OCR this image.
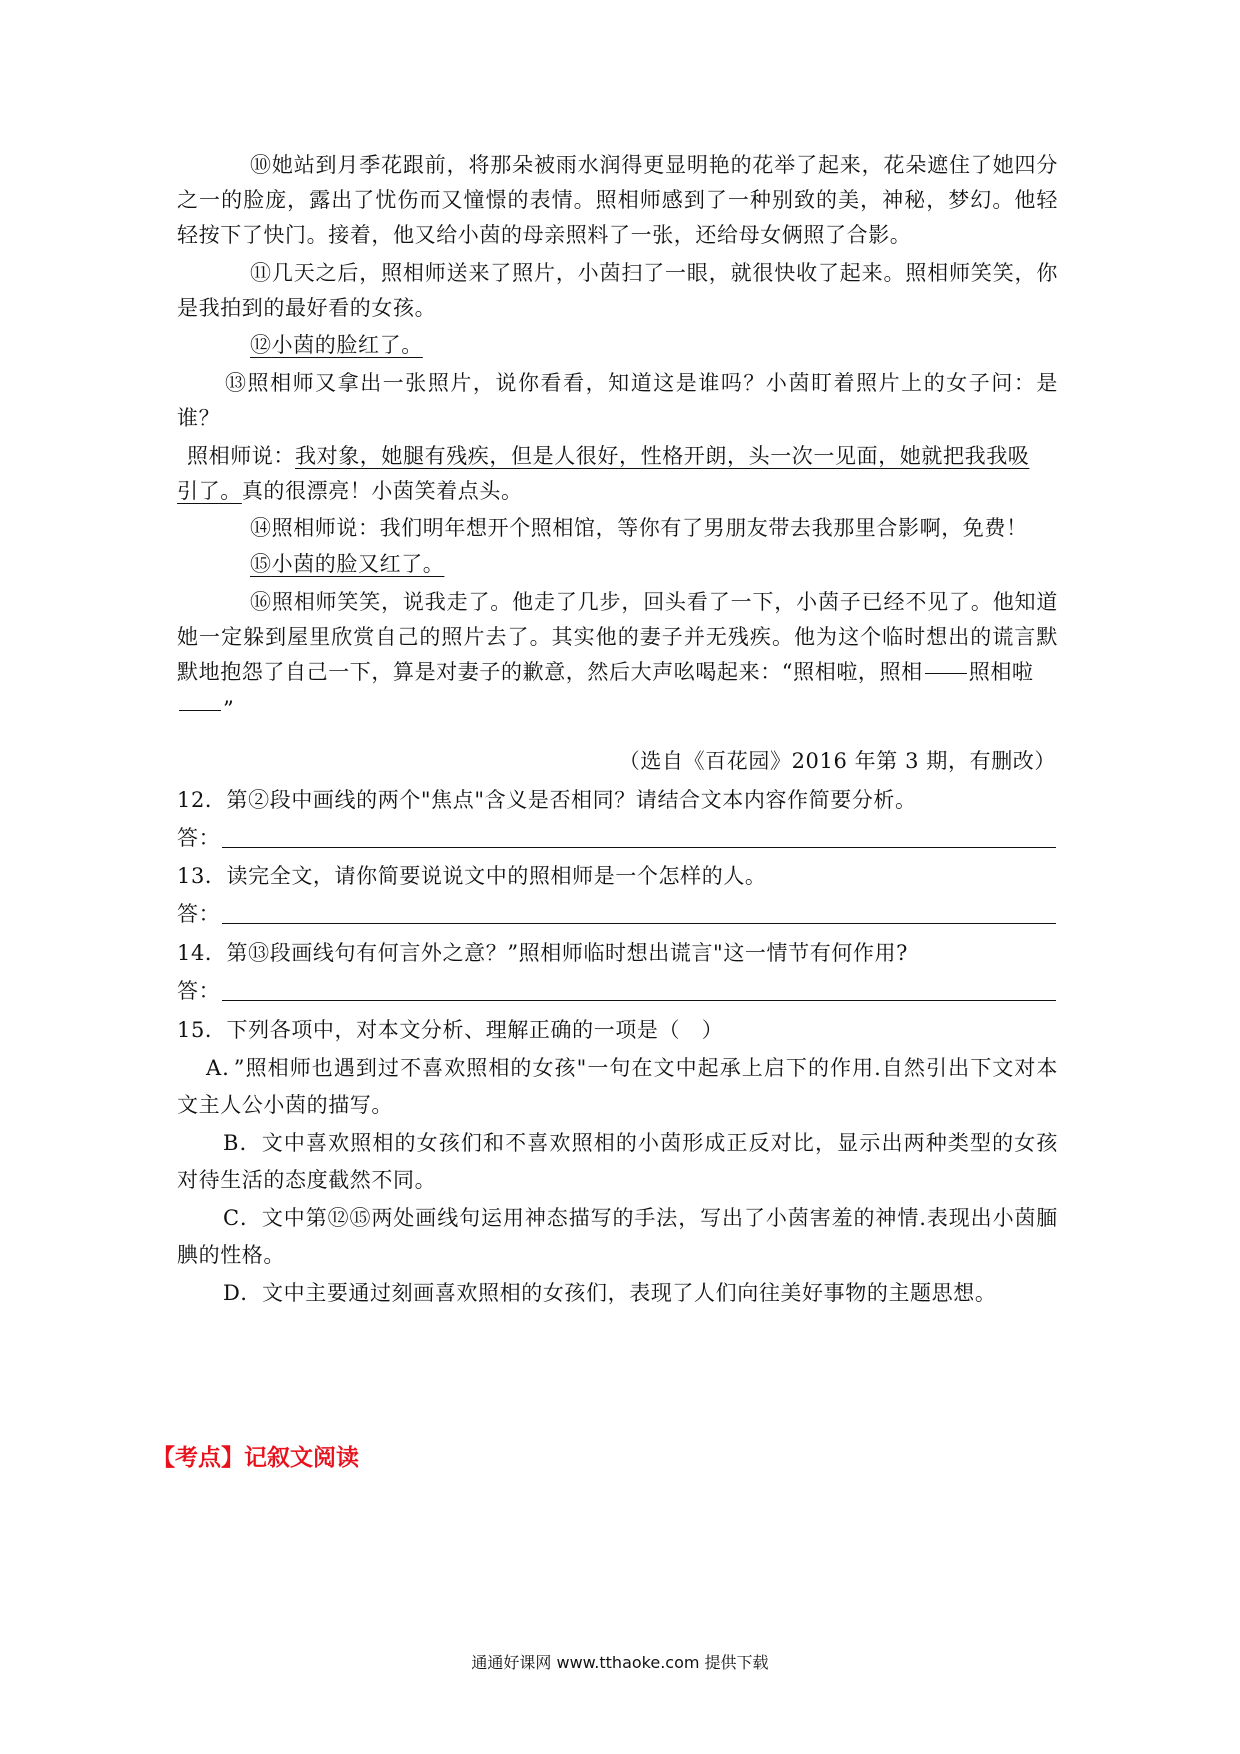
⑩她站到月季花跟前，将那朵被雨水润得更显明艳的花举了起来，花朵遮住了她四分
之一的脸庞，露出了忧伤而又憧憬的表情。照相师感到了一种别致的美，神秘，梦幻。他轻
轻按下了快门。接着，他又给小茵的母亲照料了一张，还给母女俩照了合影。
⑪几天之后，照相师送来了照片，小茵扫了一眼，就很快收了起来。照相师笑笑，你
是我拍到的最好看的女孩。
⑫小茵的脸红了。
⑬照相师又拿出一张照片，说你看看，知道这是谁吗？小茵盯着照片上的女子问：是
谁？
照相师说：我对象，她腿有残疾，但是人很好，性格开朗，头一次一见面，她就把我我吸
引了。真的很漂亮！小茵笑着点头。
⑭照相师说：我们明年想开个照相馆，等你有了男朋友带去我那里合影啊，免费！
⑮小茵的脸又红了。
⑯照相师笑笑，说我走了。他走了几步，回头看了一下，小茵子已经不见了。他知道
她一定躲到屋里欣赏自己的照片去了。其实他的妻子并无残疾。他为这个临时想出的谎言默
默地抱怨了自己一下，算是对妻子的歉意，然后大声吆喝起来：“照相啦，照相 照相啦
”
（选自《百花园》2016 年第 3 期，有删改）
12．第②段中画线的两个"焦点"含义是否相同？请结合文本内容作简要分析。
答：
13．读完全文，请你简要说说文中的照相师是一个怎样的人。
答：
14．第⑬段画线句有何言外之意？”照相师临时想出谎言"这一情节有何作用?
答：
15．下列各项中，对本文分析、理解正确的一项是（　）
A．”照相师也遇到过不喜欢照相的女孩"一句在文中起承上启下的作用.自然引出下文对本
文主人公小茵的描写。
B．文中喜欢照相的女孩们和不喜欢照相的小茵形成正反对比，显示出两种类型的女孩
对待生活的态度截然不同。
C．文中第⑫⑮两处画线句运用神态描写的手法，写出了小茵害羞的神情.表现出小茵腼
腆的性格。
D．文中主要通过刻画喜欢照相的女孩们，表现了人们向往美好事物的主题思想。
【考点】记叙文阅读
通通好课网 www.tthaoke.com 提供下载
